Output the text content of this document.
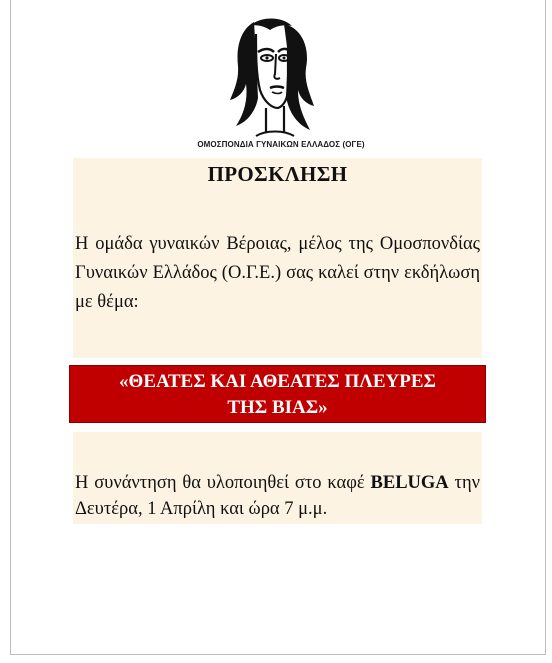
ΟΜΟΣΠΟΝΔΙΑ ΓΥΝΑΙΚΩΝ ΕΛΛΑΔΟΣ (ΟΓΕ)
ΠΡΟΣΚΛΗΣΗ
Η ομάδα γυναικών Βέροιας, μέλος της Ομοσπονδίας Γυναικών Ελλάδος (Ο.Γ.Ε.) σας καλεί στην εκδήλωση με θέμα:
«ΘΕΑΤΕΣ ΚΑΙ ΑΘΕΑΤΕΣ ΠΛΕΥΡΕΣ
ΤΗΣ ΒΙΑΣ»
Η συνάντηση θα υλοποιηθεί στο καφέ BELUGA την Δευτέρα, 1 Απρίλη και ώρα 7 μ.μ.
